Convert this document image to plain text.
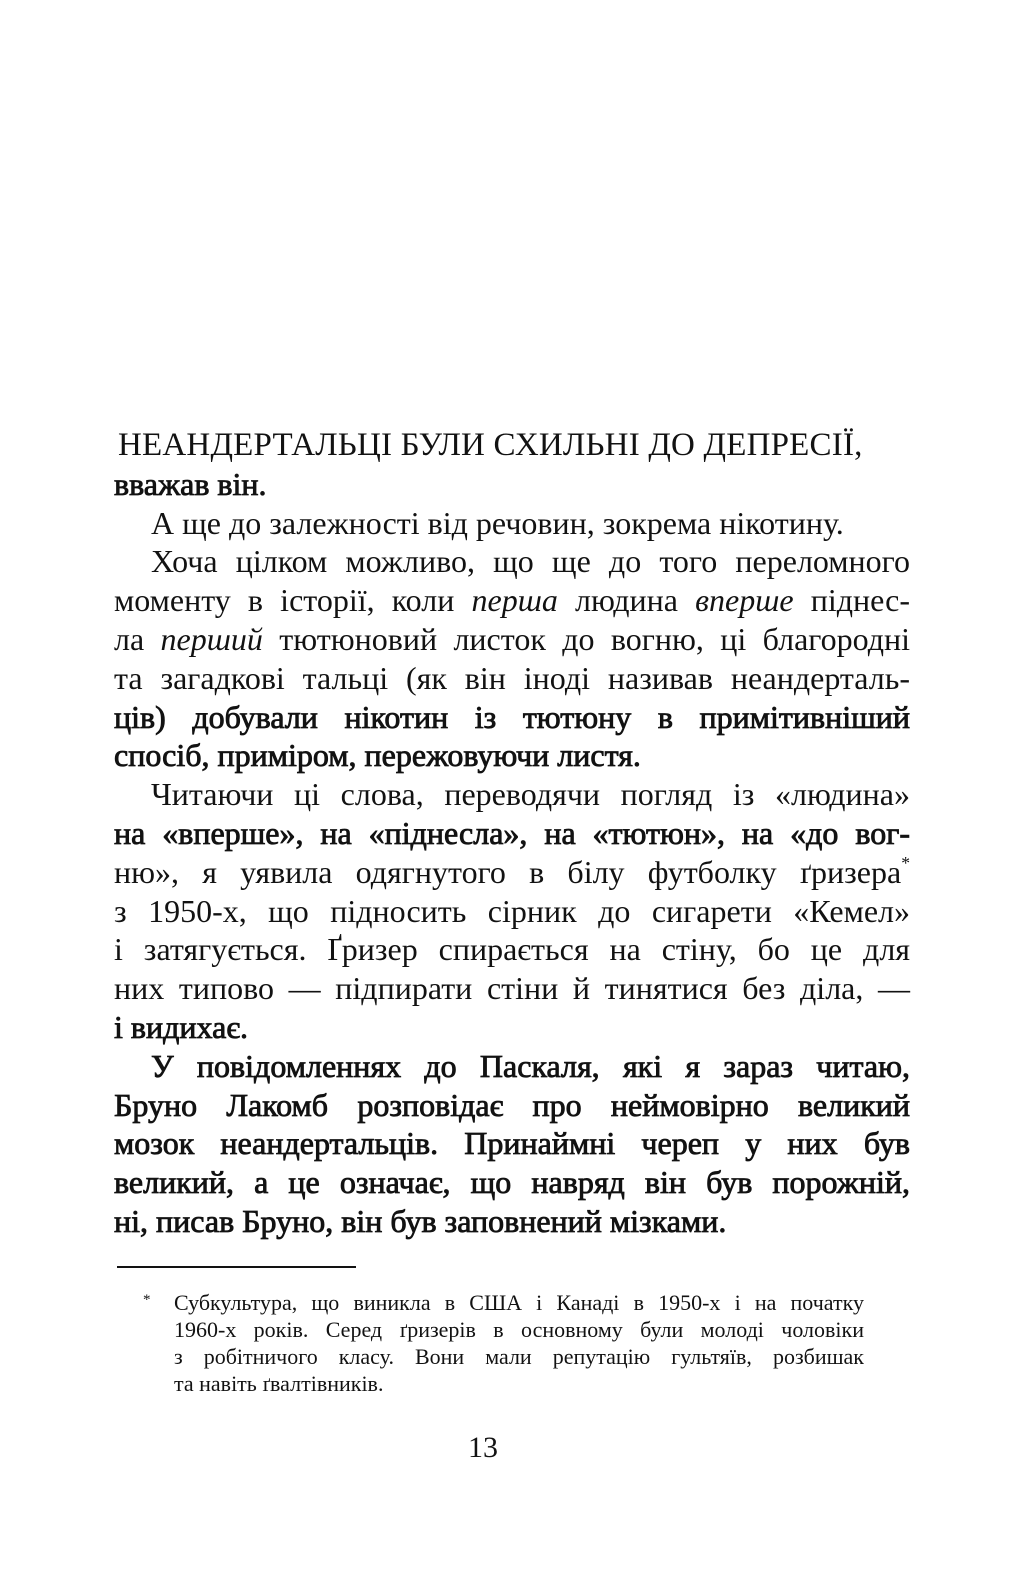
НЕАНДЕРТАЛЬЦІ БУЛИ СХИЛЬНІ ДО ДЕПРЕСІЇ,
вважав він.
А ще до залежності від речовин, зокрема нікотину.
Хоча цілком можливо, що ще до того переломного
моменту в історії, коли перша людина вперше піднес-
ла перший тютюновий листок до вогню, ці благородні
та загадкові тальці (як він іноді називав неандерталь-
ців) добували нікотин із тютюну в примітивніший
спосіб, приміром, пережовуючи листя.
Читаючи ці слова, переводячи погляд із «людина»
на «вперше», на «піднесла», на «тютюн», на «до вог-
ню», я уявила одягнутого в білу футболку ґризера*
з 1950-х, що підносить сірник до сигарети «Кемел»
і затягується. Ґризер спирається на стіну, бо це для
них типово — підпирати стіни й тинятися без діла, —
і видихає.
У повідомленнях до Паскаля, які я зараз читаю,
Бруно Лакомб розповідає про неймовірно великий
мозок неандертальців. Принаймні череп у них був
великий, а це означає, що навряд він був порожній,
ні, писав Бруно, він був заповнений мізками.
* Субкультура, що виникла в США і Канаді в 1950-х і на початку
1960-х років. Серед ґризерів в основному були молоді чоловіки
з робітничого класу. Вони мали репутацію гультяїв, розбишак
та навіть ґвалтівників.
13
